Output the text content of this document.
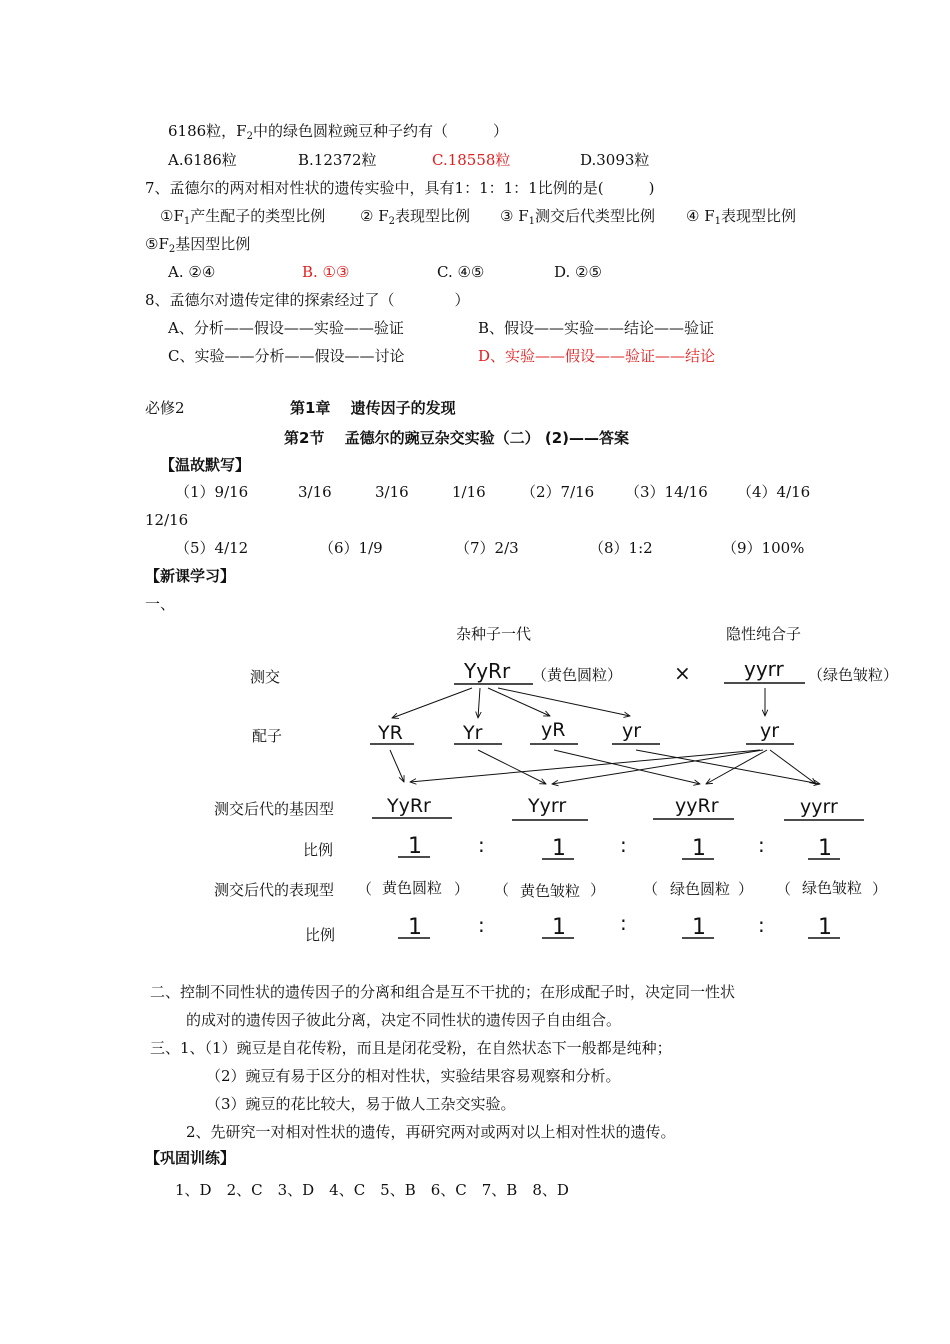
6186粒，$F_2$中的绿色圆粒豌豆种子约有（　　　）
A.6186粒	B.12372粒	C.18558粒	D.3093粒
7、孟德尔的两对相对性状的遗传实验中，具有1：1：1：1比例的是(　　　)
$①F_1$产生配子的类型比例 ② $F_2$表现型比例 ③ $F_1$测交后代类型比例 ④ $F_1$表现型比例
$⑤F_2$基因型比例
A. ②④	B. ①③	C. ④⑤	D. ②⑤
8、孟德尔对遗传定律的探索经过了（　　　　）
A、分析——假设——实验——验证	B、假设——实验——结论——验证
C、实验——分析——假设——讨论	D、实验——假设——验证——结论
必修2	第1章　 遗传因子的发现
第2节　 孟德尔的豌豆杂交实验（二） (2)——答案
【温故默写】
（1）9/16	3/16	3/16	1/16 （2）7/16 （3）14/16 （4）4/16
12/16
（5）4/12	（6）1/9	（7）2/3	（8）1:2	（9）100%
【新课学习】
一、
杂种子一代	隐性纯合子
测交	YyRr （黄色圆粒）	×	yyrr （绿色皱粒）
配子	YR	Yr	yR	yr	yr
测交后代的基因型	YyRr	Yyrr	yyRr	yyrr
比例	1	:	1	:	1	: 1
测交后代的表现型 （ 黄色圆粒 ） （ 黄色皱粒 ）	（ 绿色圆粒 ） （ 绿色皱粒 ）
比例	1	:	1	:	1	: 1
二、控制不同性状的遗传因子的分离和组合是互不干扰的；在形成配子时，决定同一性状
的成对的遗传因子彼此分离，决定不同性状的遗传因子自由组合。
三、1、（1）豌豆是自花传粉，而且是闭花受粉，在自然状态下一般都是纯种；
（2）豌豆有易于区分的相对性状，实验结果容易观察和分析。
（3）豌豆的花比较大，易于做人工杂交实验。
2、先研究一对相对性状的遗传，再研究两对或两对以上相对性状的遗传。
【巩固训练】
1、D　2、C　3、D　4、C　5、B　6、C　7、B　8、D
